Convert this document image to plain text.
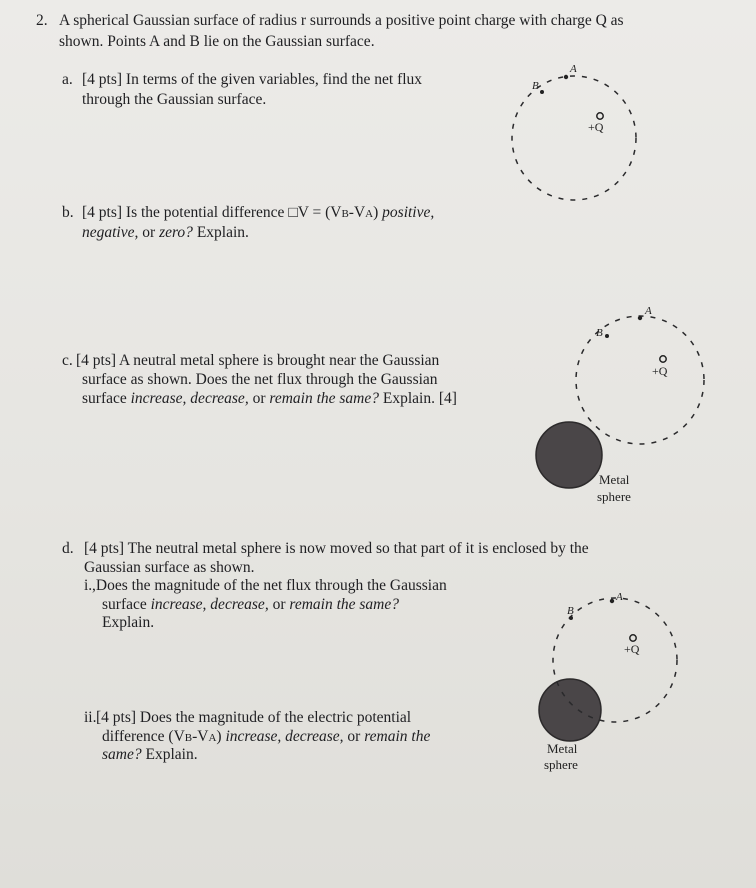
2. A spherical Gaussian surface of radius r surrounds a positive point charge with charge Q as
shown. Points A and B lie on the Gaussian surface.
a. [4 pts] In terms of the given variables, find the net flux
through the Gaussian surface.
b. [4 pts] Is the potential difference □V = (VB-VA) positive,
negative, or zero? Explain.
c. [4 pts] A neutral metal sphere is brought near the Gaussian
surface as shown. Does the net flux through the Gaussian
surface increase, decrease, or remain the same? Explain. [4]
d. [4 pts] The neutral metal sphere is now moved so that part of it is enclosed by the
Gaussian surface as shown.
i. ,Does the magnitude of the net flux through the Gaussian
surface increase, decrease, or remain the same?
Explain.
ii. [4 pts] Does the magnitude of the electric potential
difference (VB-VA) increase, decrease, or remain the
same? Explain.
A
B
+Q
A
B
+Q
Metal
sphere
A
B
+Q
Metal
sphere
